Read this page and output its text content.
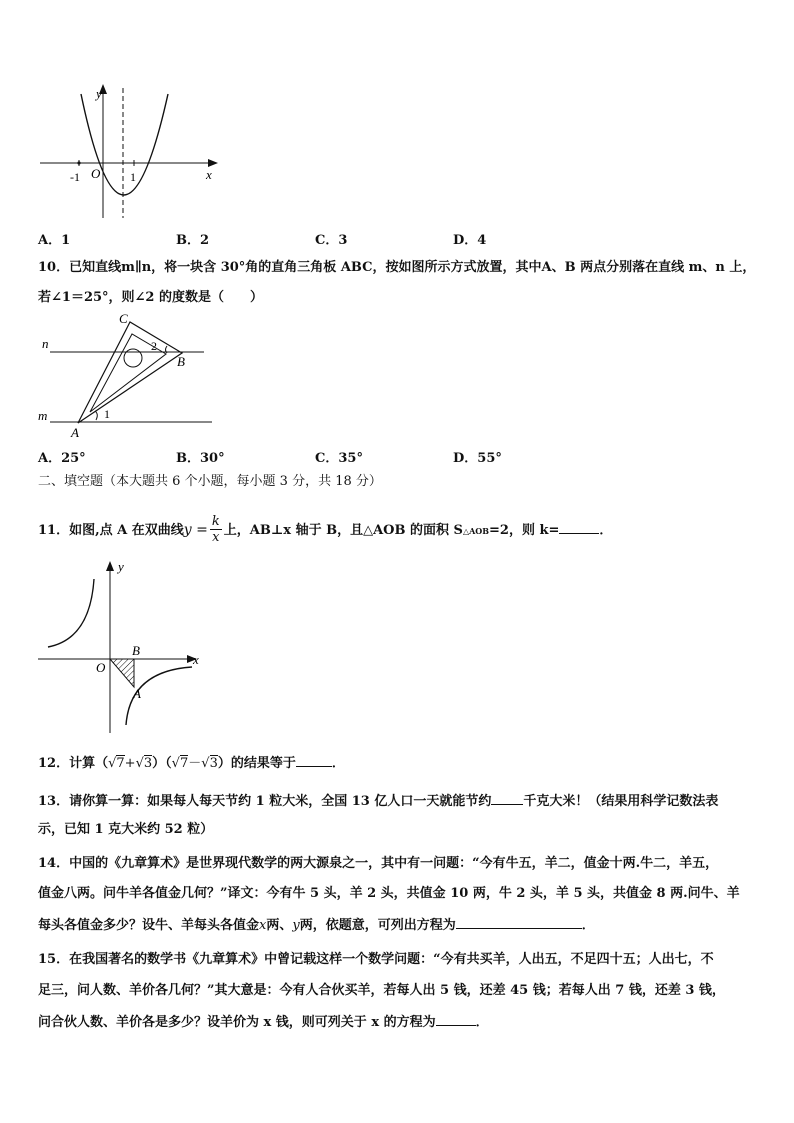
y
x
O
-1	1
A．1	B．2	C．3	D．4
10．已知直线m∥n，将一块含 30°角的直角三角板 ABC，按如图所示方式放置，其中A、B 两点分别落在直线 m、n 上，
若∠1＝25°，则∠2 的度数是（　　）
C
n	2
B
m	1
A
A．25°	B．30°	C．35°	D．55°
二、填空题（本大题共 6 个小题，每小题 3 分，共 18 分）
11．如图,点 A 在双曲线$y = \frac{k}{x}$ 上，AB⊥x 轴于 B，且△AOB 的面积 S△AOB=2，则 k=	．
y
x
O
B
A
12．计算（√7+√3）（√7－√3）的结果等于	．
13．请你算一算：如果每人每天节约 1 粒大米，全国 13 亿人口一天就能节约 千克大米！（结果用科学记数法表
示，已知 1 克大米约 52 粒）
14．中国的《九章算术》是世界现代数学的两大源泉之一，其中有一问题：“今有牛五，羊二，值金十两.牛二，羊五，
值金八两。问牛羊各值金几何？”译文：今有牛 5 头，羊 2 头，共值金 10 两，牛 2 头，羊 5 头，共值金 8 两.问牛、羊
每头各值金多少？设牛、羊每头各值金x两、y两，依题意，可列出方程为	．
15．在我国著名的数学书《九章算术》中曾记载这样一个数学问题：“今有共买羊，人出五，不足四十五；人出七，不
足三，问人数、羊价各几何？”其大意是：今有人合伙买羊，若每人出 5 钱，还差 45 钱；若每人出 7 钱，还差 3 钱，
问合伙人数、羊价各是多少？设羊价为 x 钱，则可列关于 x 的方程为	．
